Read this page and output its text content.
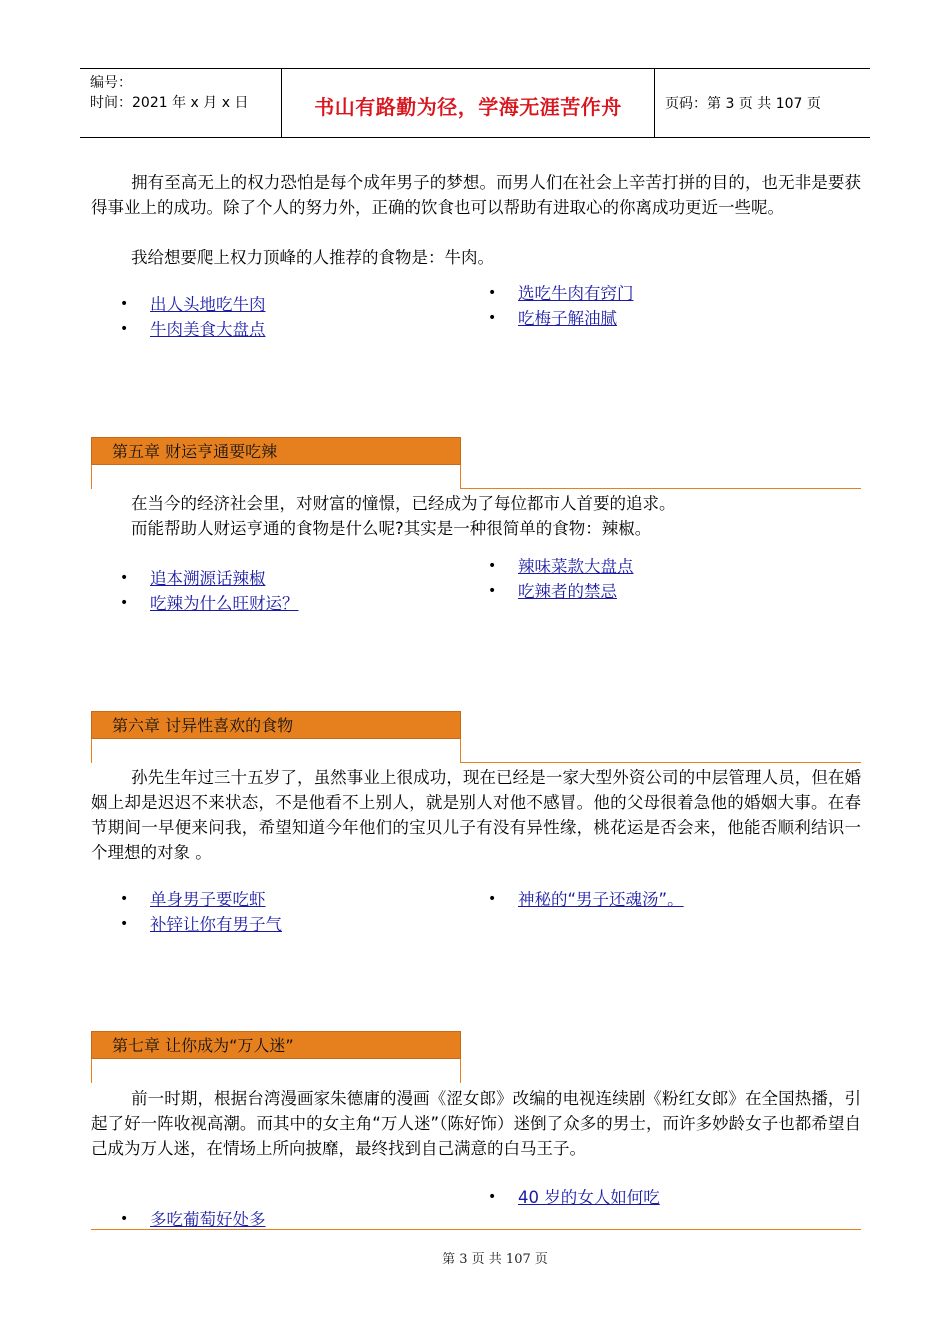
编号：
时间：2021 年 x 月 x 日	书山有路勤为径，学海无涯苦作舟	页码：第 3 页 共 107 页
拥有至高无上的权力恐怕是每个成年男子的梦想。而男人们在社会上辛苦打拼的目的，也无非是要获得事业上的成功。除了个人的努力外，正确的饮食也可以帮助有进取心的你离成功更近一些呢。
我给想要爬上权力顶峰的人推荐的食物是：牛肉。
• 出人头地吃牛肉
• 牛肉美食大盘点
• 选吃牛肉有窍门
• 吃梅子解油腻
第五章 财运亨通要吃辣
在当今的经济社会里，对财富的憧憬，已经成为了每位都市人首要的追求。
而能帮助人财运亨通的食物是什么呢?其实是一种很简单的食物：辣椒。
• 追本溯源话辣椒
• 吃辣为什么旺财运？
• 辣味菜款大盘点
• 吃辣者的禁忌
第六章 讨异性喜欢的食物
孙先生年过三十五岁了，虽然事业上很成功，现在已经是一家大型外资公司的中层管理人员，但在婚姻上却是迟迟不来状态，不是他看不上别人，就是别人对他不感冒。他的父母很着急他的婚姻大事。在春节期间一早便来问我，希望知道今年他们的宝贝儿子有没有异性缘，桃花运是否会来，他能否顺利结识一个理想的对象 。
• 单身男子要吃虾
• 补锌让你有男子气
• 神秘的“男子还魂汤”。
第七章 让你成为“万人迷”
前一时期，根据台湾漫画家朱德庸的漫画《涩女郎》改编的电视连续剧《粉红女郎》在全国热播，引起了好一阵收视高潮。而其中的女主角“万人迷”（陈好饰）迷倒了众多的男士，而许多妙龄女子也都希望自己成为万人迷，在情场上所向披靡，最终找到自己满意的白马王子。
• 40 岁的女人如何吃
• 多吃葡萄好处多
第 3 页 共 107 页
